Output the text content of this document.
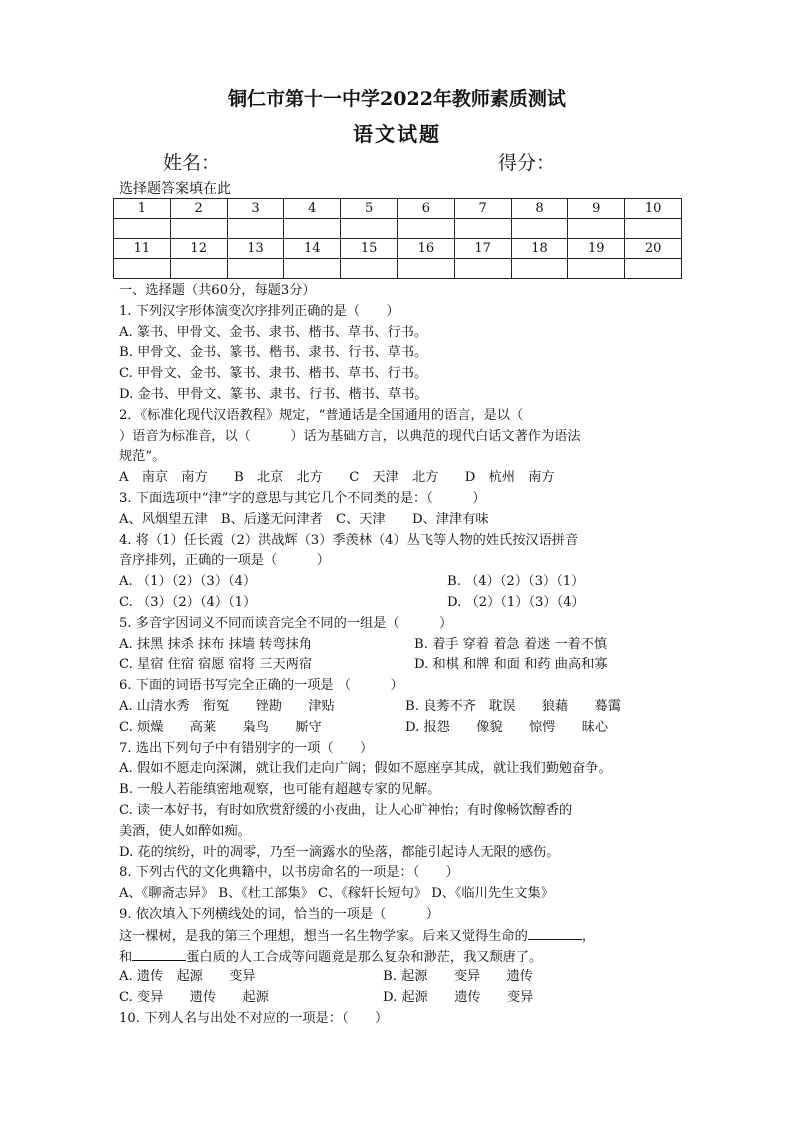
铜仁市第十一中学2022年教师素质测试
语文试题
姓名：	得分：
选择题答案填在此
1	2	3	4	5	6	7	8	9	10

11	12	13	14	15	16	17	18	19	20

一、选择题（共60分，每题3分）
1. 下列汉字形体演变次序排列正确的是（　　）
A. 篆书、甲骨文、金书、隶书、楷书、草书、行书。
B. 甲骨文、金书、篆书、楷书、隶书、行书、草书。
C. 甲骨文、金书、篆书、隶书、楷书、草书、行书。
D. 金书、甲骨文、篆书、隶书、行书、楷书、草书。
2．《标准化现代汉语教程》规定，“普通话是全国通用的语言，是以（
）语音为标准音，以（　　　）话为基础方言，以典范的现代白话文著作为语法
规范”。
A　南京　南方　　B　北京　北方　　C　天津　北方　　D　杭州　南方
3. 下面选项中“津”字的意思与其它几个不同类的是：（　　　）
A、风烟望五津　B、后遂无问津者　C、天津　　D、津津有味
4. 将（1）任长霞（2）洪战辉（3）季羡林（4）丛飞等人物的姓氏按汉语拼音
音序排列，正确的一项是（　　　）
A. （1）（2）（3）（4）	B. （4）（2）（3）（1）
C. （3）（2）（4）（1）	D. （2）（1）（3）（4）
5. 多音字因词义不同而读音完全不同的一组是（　　　）
A. 抹黑 抹杀 抹布 抹墙 转弯抹角	B. 着手 穿着 着急 着迷 一着不慎
C. 星宿 住宿 宿愿 宿将 三天两宿	D. 和棋 和牌 和面 和药 曲高和寡
6. 下面的词语书写完全正确的一项是 （　　　）
A. 山清水秀　衔冤　　锉勘　　津贴	B. 良莠不齐　耽误　　狼藉　　蓦霭
C. 烦燥　　高莱　　枭鸟　　厮守	D. 报怨　　像貌　　惊愕　　昧心
7. 选出下列句子中有错别字的一项（　　）
A. 假如不愿走向深渊，就让我们走向广阔；假如不愿座享其成，就让我们勤勉奋争。
B. 一般人若能缜密地观察，也可能有超越专家的见解。
C. 读一本好书，有时如欣赏舒缓的小夜曲，让人心旷神怡；有时像畅饮醇香的
美酒，使人如醉如痴。
D. 花的缤纷，叶的凋零，乃至一滴露水的坠落，都能引起诗人无限的感伤。
8. 下列古代的文化典籍中，以书房命名的一项是：（　　）
A、《聊斋志异》 B、《杜工部集》 C、《稼轩长短句》 D、《临川先生文集》
9. 依次填入下列横线处的词，恰当的一项是（　　　）
这一棵树，是我的第三个理想，想当一名生物学家。后来又觉得生命的	，
和	蛋白质的人工合成等问题竟是那么复杂和渺茫，我又颓唐了。
A. 遗传　起源　　变异	B. 起源　　变异　　遗传
C. 变异　　遗传　　起源	D. 起源　　遗传　　变异
10. 下列人名与出处不对应的一项是：（　　）
